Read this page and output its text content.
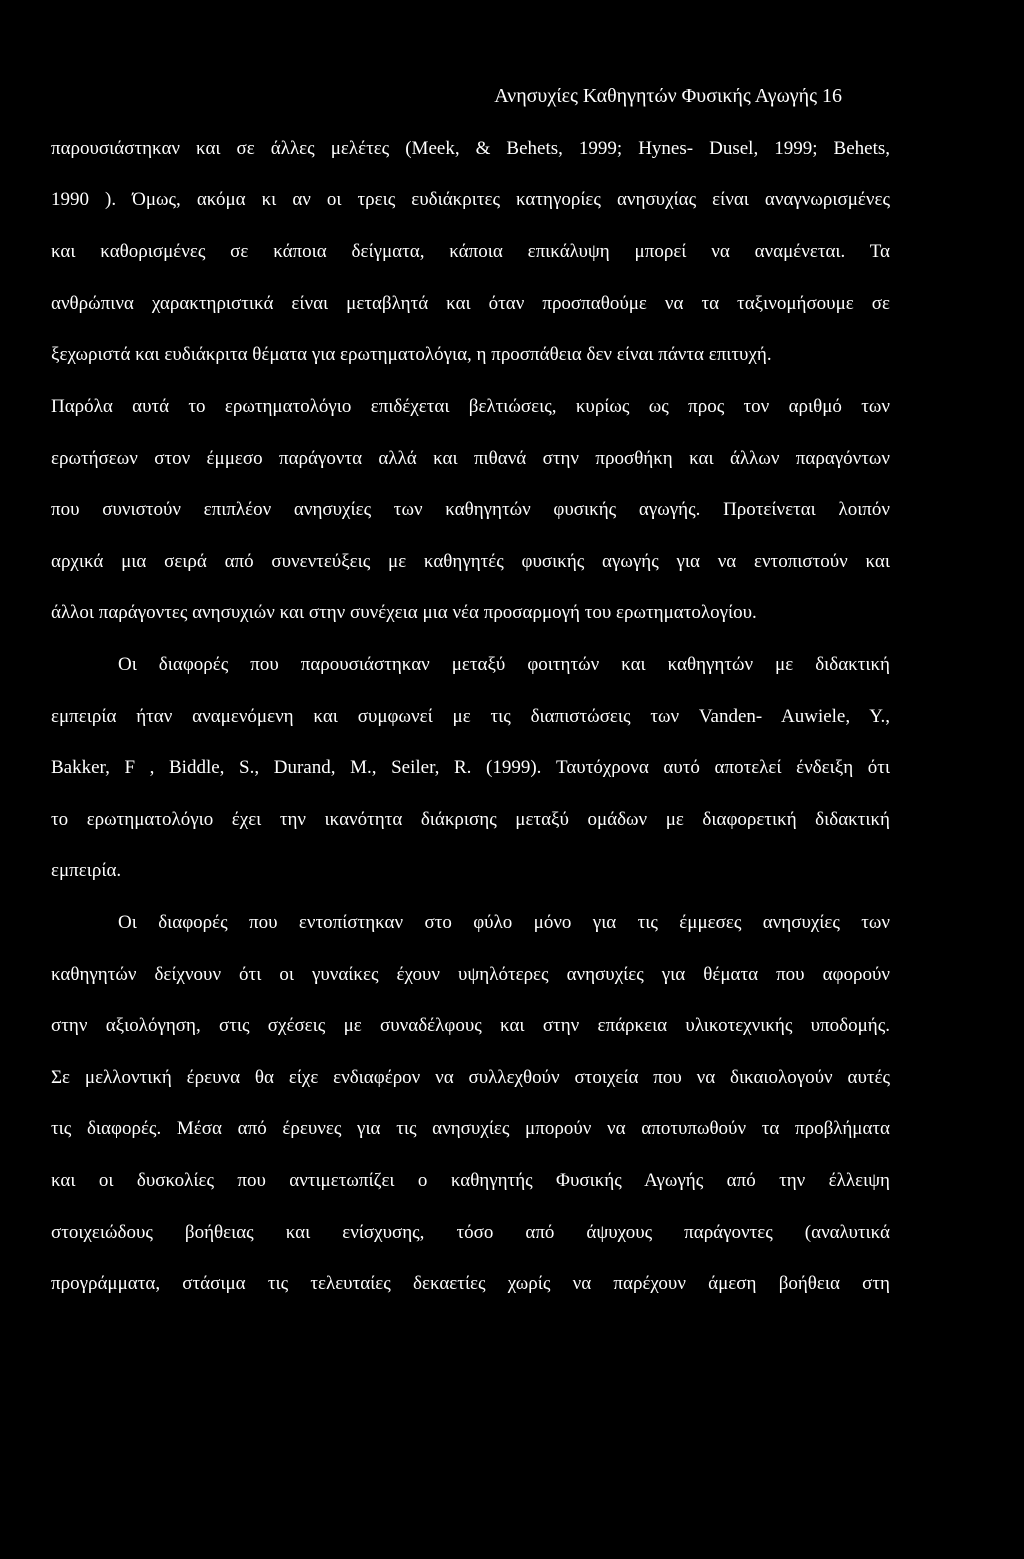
Ανησυχίες Καθηγητών Φυσικής Αγωγής 16
παρουσιάστηκαν και σε άλλες μελέτες (Meek, & Behets, 1999; Hynes- Dusel, 1999; Behets,
1990 ). Όμως, ακόμα κι αν οι τρεις ευδιάκριτες κατηγορίες ανησυχίας είναι αναγνωρισμένες
και καθορισμένες σε κάποια δείγματα, κάποια επικάλυψη μπορεί να αναμένεται. Τα
ανθρώπινα χαρακτηριστικά είναι μεταβλητά και όταν προσπαθούμε να τα ταξινομήσουμε σε
ξεχωριστά και ευδιάκριτα θέματα για ερωτηματολόγια, η προσπάθεια δεν είναι πάντα επιτυχή.
Παρόλα αυτά το ερωτηματολόγιο επιδέχεται βελτιώσεις, κυρίως ως προς τον αριθμό των
ερωτήσεων στον έμμεσο παράγοντα αλλά και πιθανά στην προσθήκη και άλλων παραγόντων
που συνιστούν επιπλέον ανησυχίες των καθηγητών φυσικής αγωγής. Προτείνεται λοιπόν
αρχικά μια σειρά από συνεντεύξεις με καθηγητές φυσικής αγωγής για να εντοπιστούν και
άλλοι παράγοντες ανησυχιών και στην συνέχεια μια νέα προσαρμογή του ερωτηματολογίου.
Οι διαφορές που παρουσιάστηκαν μεταξύ φοιτητών και καθηγητών με διδακτική
εμπειρία ήταν αναμενόμενη και συμφωνεί με τις διαπιστώσεις των Vanden- Auwiele, Y.,
Bakker, F , Biddle, S., Durand, M., Seiler, R. (1999). Ταυτόχρονα αυτό αποτελεί ένδειξη ότι
το ερωτηματολόγιο έχει την ικανότητα διάκρισης μεταξύ ομάδων με διαφορετική διδακτική
εμπειρία.
Οι διαφορές που εντοπίστηκαν στο φύλο μόνο για τις έμμεσες ανησυχίες των
καθηγητών δείχνουν ότι οι γυναίκες έχουν υψηλότερες ανησυχίες για θέματα που αφορούν
στην αξιολόγηση, στις σχέσεις με συναδέλφους και στην επάρκεια υλικοτεχνικής υποδομής.
Σε μελλοντική έρευνα θα είχε ενδιαφέρον να συλλεχθούν στοιχεία που να δικαιολογούν αυτές
τις διαφορές. Μέσα από έρευνες για τις ανησυχίες μπορούν να αποτυπωθούν τα προβλήματα
και οι δυσκολίες που αντιμετωπίζει ο καθηγητής Φυσικής Αγωγής από την έλλειψη
στοιχειώδους βοήθειας και ενίσχυσης, τόσο από άψυχους παράγοντες (αναλυτικά
προγράμματα, στάσιμα τις τελευταίες δεκαετίες χωρίς να παρέχουν άμεση βοήθεια στη
